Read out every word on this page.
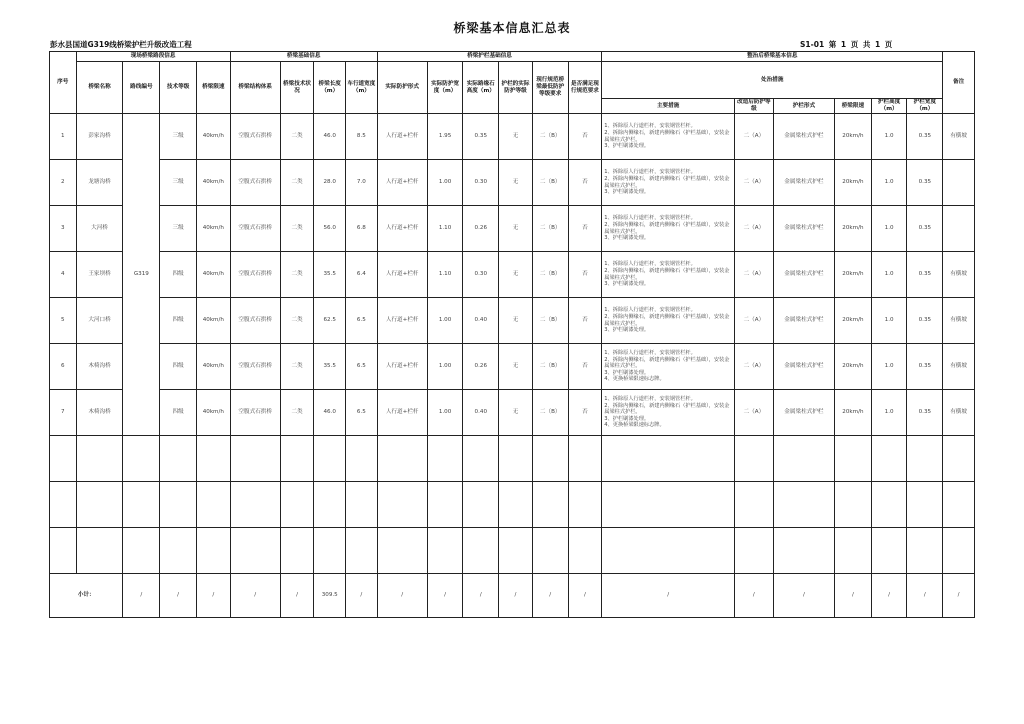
桥梁基本信息汇总表
彭水县国道G319线桥梁护栏升级改造工程	S1-01 第 1 页 共 1 页
序号	现场桥梁路段信息				桥梁基础信息				桥梁护栏基础信息						整治后桥梁基本信息						备注
	桥梁名称	路线编号	技术等级	桥梁限速	桥梁结构体系	桥梁技术状况	桥梁长度（m）	车行道宽度（m）	实际防护形式	实际防护宽度（m）	实际路缘石高度（m）	护栏的实际防护等级	现行规范桥梁最低防护等级要求	是否满足现行规范要求	处治措施						
															主要措施	改造后防护等级	护栏形式	桥梁限速	护栏高度（m）	护栏宽度（m）	
1	彭家沟桥	G319	三级	40km/h	空腹式石拱桥	二类	46.0	8.5	人行道+栏杆	1.95	0.35	无	二（B）	否	1、拆除原人行道栏杆，安装钢管栏杆。
2、拆除内侧缘石，新建内侧缘石（护栏基础），安装金属梁柱式护栏。
3、护栏刷漆处理。	二（A）	金属梁柱式护栏	20km/h	1.0	0.35	有横坡
2	龙塘沟桥		三级	40km/h	空腹式石拱桥	二类	28.0	7.0	人行道+栏杆	1.00	0.30	无	二（B）	否	1、拆除原人行道栏杆，安装钢管栏杆。
2、拆除内侧缘石，新建内侧缘石（护栏基础），安装金属梁柱式护栏。
3、护栏刷漆处理。	二（A）	金属梁柱式护栏	20km/h	1.0	0.35	
3	大河桥		三级	40km/h	空腹式石拱桥	二类	56.0	6.8	人行道+栏杆	1.10	0.26	无	二（B）	否	1、拆除原人行道栏杆，安装钢管栏杆。
2、拆除内侧缘石，新建内侧缘石（护栏基础），安装金属梁柱式护栏。
3、护栏刷漆处理。	二（A）	金属梁柱式护栏	20km/h	1.0	0.35	
4	王家坝桥		四级	40km/h	空腹式石拱桥	二类	35.5	6.4	人行道+栏杆	1.10	0.30	无	二（B）	否	1、拆除原人行道栏杆，安装钢管栏杆。
2、拆除内侧缘石，新建内侧缘石（护栏基础），安装金属梁柱式护栏。
3、护栏刷漆处理。	二（A）	金属梁柱式护栏	20km/h	1.0	0.35	有横坡
5	大河口桥		四级	40km/h	空腹式石拱桥	二类	62.5	6.5	人行道+栏杆	1.00	0.40	无	二（B）	否	1、拆除原人行道栏杆，安装钢管栏杆。
2、拆除内侧缘石，新建内侧缘石（护栏基础），安装金属梁柱式护栏。
3、护栏刷漆处理。	二（A）	金属梁柱式护栏	20km/h	1.0	0.35	有横坡
6	木椅沟桥		四级	40km/h	空腹式石拱桥	二类	35.5	6.5	人行道+栏杆	1.00	0.26	无	二（B）	否	1、拆除原人行道栏杆，安装钢管栏杆。
2、拆除内侧缘石，新建内侧缘石（护栏基础），安装金属梁柱式护栏。
3、护栏刷漆处理。
4、更换桥梁限速标志牌。	二（A）	金属梁柱式护栏	20km/h	1.0	0.35	有横坡
7	木椅沟桥		四级	40km/h	空腹式石拱桥	二类	46.0	6.5	人行道+栏杆	1.00	0.40	无	二（B）	否	1、拆除原人行道栏杆，安装钢管栏杆。
2、拆除内侧缘石，新建内侧缘石（护栏基础），安装金属梁柱式护栏。
3、护栏刷漆处理。
4、更换桥梁限速标志牌。	二（A）	金属梁柱式护栏	20km/h	1.0	0.35	有横坡

小计：		/	/	/	/	/	309.5	/	/	/	/	/	/	/	/	/	/	/	/	/	/
